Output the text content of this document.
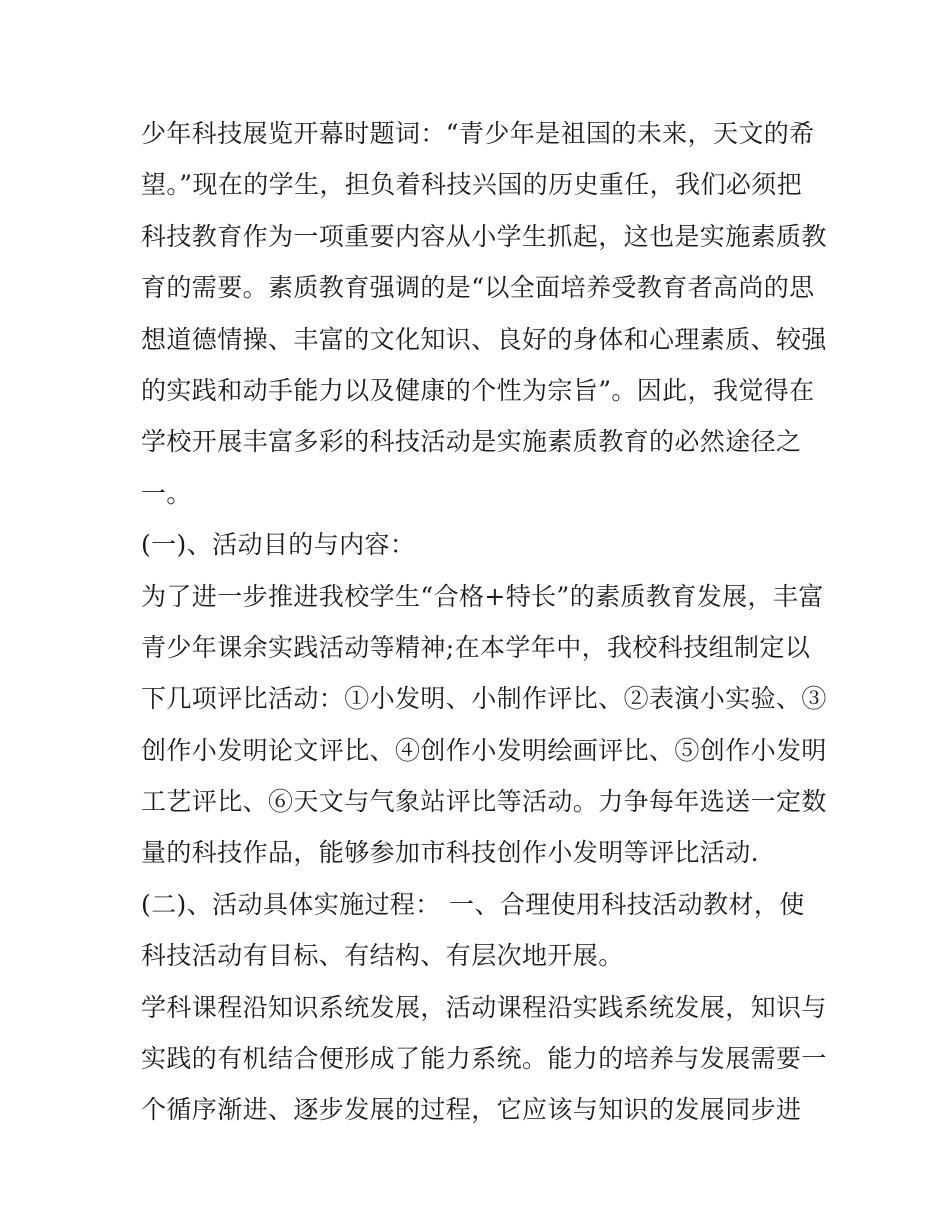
少年科技展览开幕时题词：“青少年是祖国的未来，天文的希
望。”现在的学生，担负着科技兴国的历史重任，我们必须把
科技教育作为一项重要内容从小学生抓起，这也是实施素质教
育的需要。素质教育强调的是“以全面培养受教育者高尚的思
想道德情操、丰富的文化知识、良好的身体和心理素质、较强
的实践和动手能力以及健康的个性为宗旨”。因此，我觉得在
学校开展丰富多彩的科技活动是实施素质教育的必然途径之
一。
(一)、活动目的与内容：
为了进一步推进我校学生“合格+特长”的素质教育发展，丰富
青少年课余实践活动等精神;在本学年中，我校科技组制定以
下几项评比活动：①小发明、小制作评比、②表演小实验、③
创作小发明论文评比、④创作小发明绘画评比、⑤创作小发明
工艺评比、⑥天文与气象站评比等活动。力争每年选送一定数
量的科技作品，能够参加市科技创作小发明等评比活动.
(二)、活动具体实施过程： 一、合理使用科技活动教材，使
科技活动有目标、有结构、有层次地开展。
学科课程沿知识系统发展，活动课程沿实践系统发展，知识与
实践的有机结合便形成了能力系统。能力的培养与发展需要一
个循序渐进、逐步发展的过程，它应该与知识的发展同步进
